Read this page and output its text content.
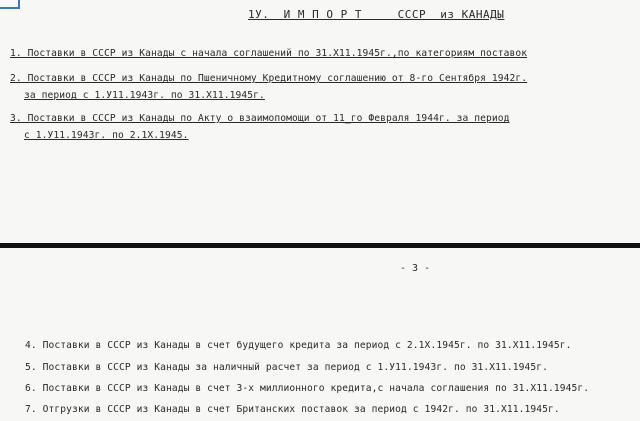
1У.  И М П О Р Т     СССР  из КАНАДЫ
1. Поставки в СССР из Канады с начала соглашений по 31.Х11.1945г.,по категориям поставок
2. Поставки в СССР из Канады по Пшеничному Кредитному соглашению от 8-го Сентября 1942г.
за период с 1.У11.1943г. по 31.Х11.1945г.
3. Поставки в СССР из Канады по Акту о взаимопомощи от 11_го Февраля 1944г. за период
с 1.У11.1943г. по 2.1Х.1945.
- 3 -
4. Поставки в СССР из Канады в счет будущего кредита за период с 2.1Х.1945г. по 31.Х11.1945г.
5. Поставки в СССР из Канады за наличный расчет за период с 1.У11.1943г. по 31.Х11.1945г.
6. Поставки в СССР из Канады в счет 3-х миллионного кредита,с начала соглашения по 31.Х11.1945г.
7. Отгрузки в СССР из Канады в счет Британских поставок за период с 1942г. по 31.Х11.1945г.
